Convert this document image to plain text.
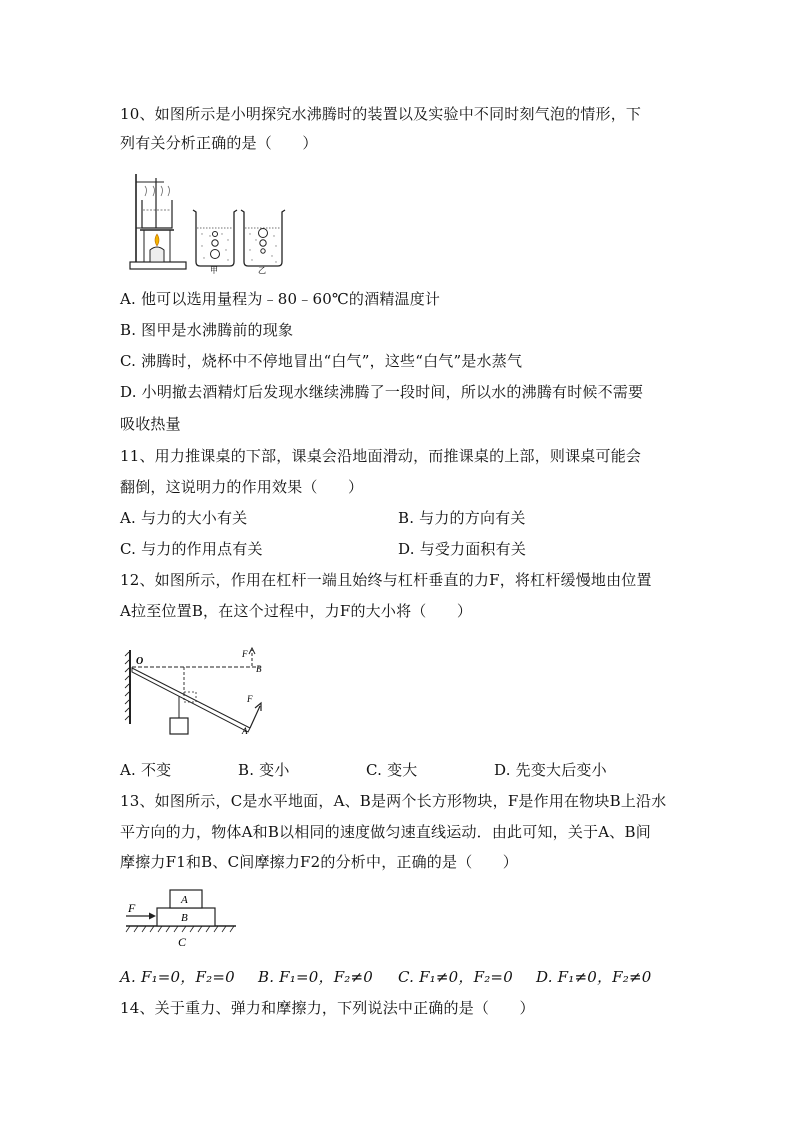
10、如图所示是小明探究水沸腾时的装置以及实验中不同时刻气泡的情形，下
列有关分析正确的是（　　）
甲	乙
A. 他可以选用量程为﹣80﹣60℃的酒精温度计
B. 图甲是水沸腾前的现象
C. 沸腾时，烧杯中不停地冒出“白气”，这些“白气”是水蒸气
D. 小明撤去酒精灯后发现水继续沸腾了一段时间，所以水的沸腾有时候不需要
吸收热量
11、用力推课桌的下部，课桌会沿地面滑动，而推课桌的上部，则课桌可能会
翻倒，这说明力的作用效果（　　）
A. 与力的大小有关	B. 与力的方向有关
C. 与力的作用点有关	D. 与受力面积有关
12、如图所示，作用在杠杆一端且始终与杠杆垂直的力F，将杠杆缓慢地由位置
A拉至位置B，在这个过程中，力F的大小将（　　）
O
F
B
F
A
A. 不变	B. 变小	C. 变大	D. 先变大后变小
13、如图所示，C是水平地面，A、B是两个长方形物块，F是作用在物块B上沿水
平方向的力，物体A和B以相同的速度做匀速直线运动．由此可知，关于A、B间
摩擦力F1和B、C间摩擦力F2的分析中，正确的是（　　）
F
A
B
C
A. F₁=0，F₂=0 B. F₁=0，F₂≠0 C. F₁≠0，F₂=0 D. F₁≠0，F₂≠0
14、关于重力、弹力和摩擦力，下列说法中正确的是（　　）
